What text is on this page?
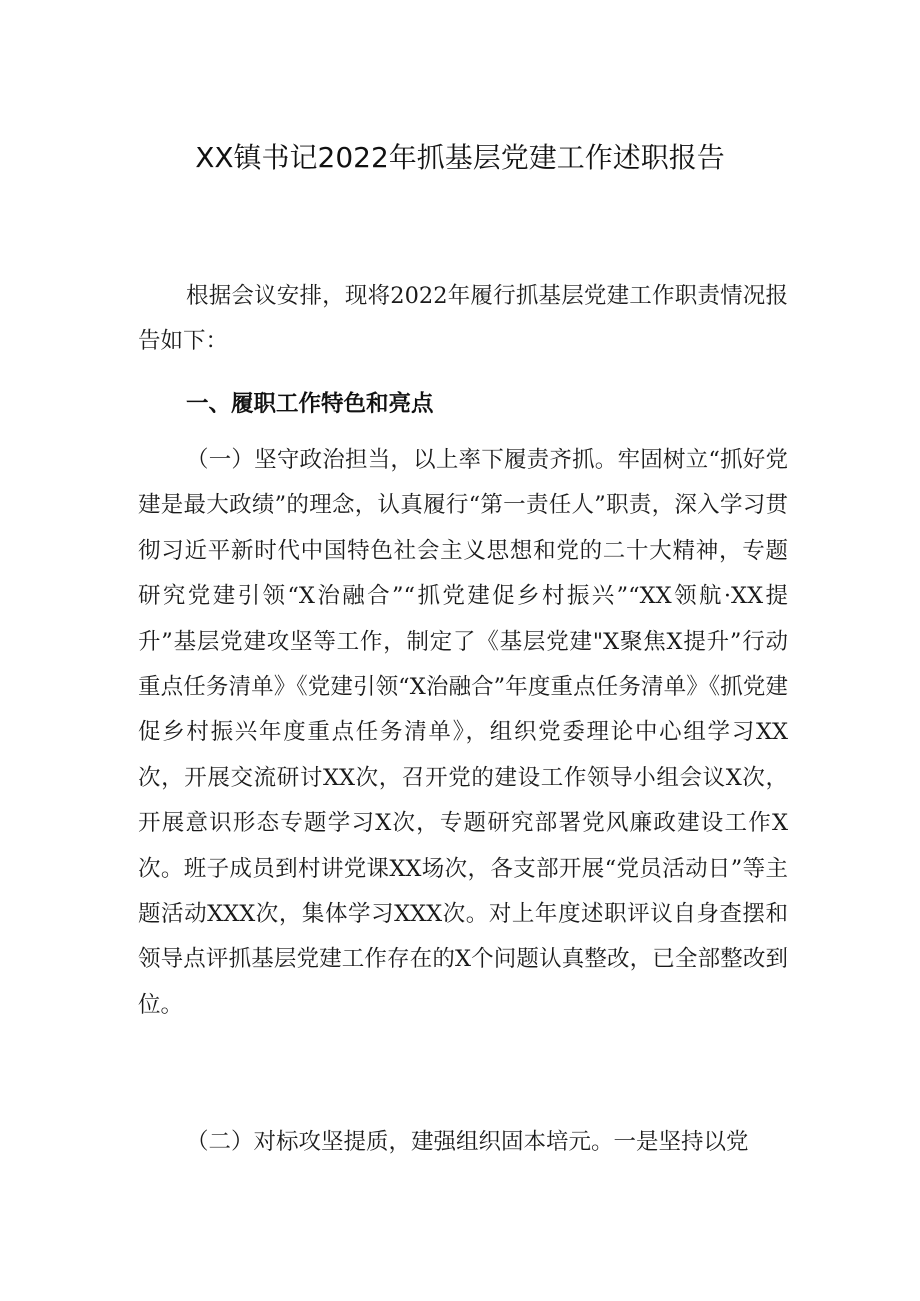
XX镇书记2022年抓基层党建工作述职报告

根据会议安排，现将2022年履行抓基层党建工作职责情况报告如下：

一、履职工作特色和亮点

（一）坚守政治担当，以上率下履责齐抓。牢固树立“抓好党建是最大政绩”的理念，认真履行“第一责任人”职责，深入学习贯彻习近平新时代中国特色社会主义思想和党的二十大精神，专题研究党建引领“X治融合”“抓党建促乡村振兴”“XX领航·XX提升”基层党建攻坚等工作，制定了《基层党建"X聚焦X提升”行动重点任务清单》《党建引领“X治融合”年度重点任务清单》《抓党建促乡村振兴年度重点任务清单》，组织党委理论中心组学习XX次，开展交流研讨XX次，召开党的建设工作领导小组会议X次，开展意识形态专题学习X次，专题研究部署党风廉政建设工作X次。班子成员到村讲党课XX场次，各支部开展“党员活动日”等主题活动XXX次，集体学习XXX次。对上年度述职评议自身查摆和领导点评抓基层党建工作存在的X个问题认真整改，已全部整改到位。

（二）对标攻坚提质，建强组织固本培元。一是坚持以党
